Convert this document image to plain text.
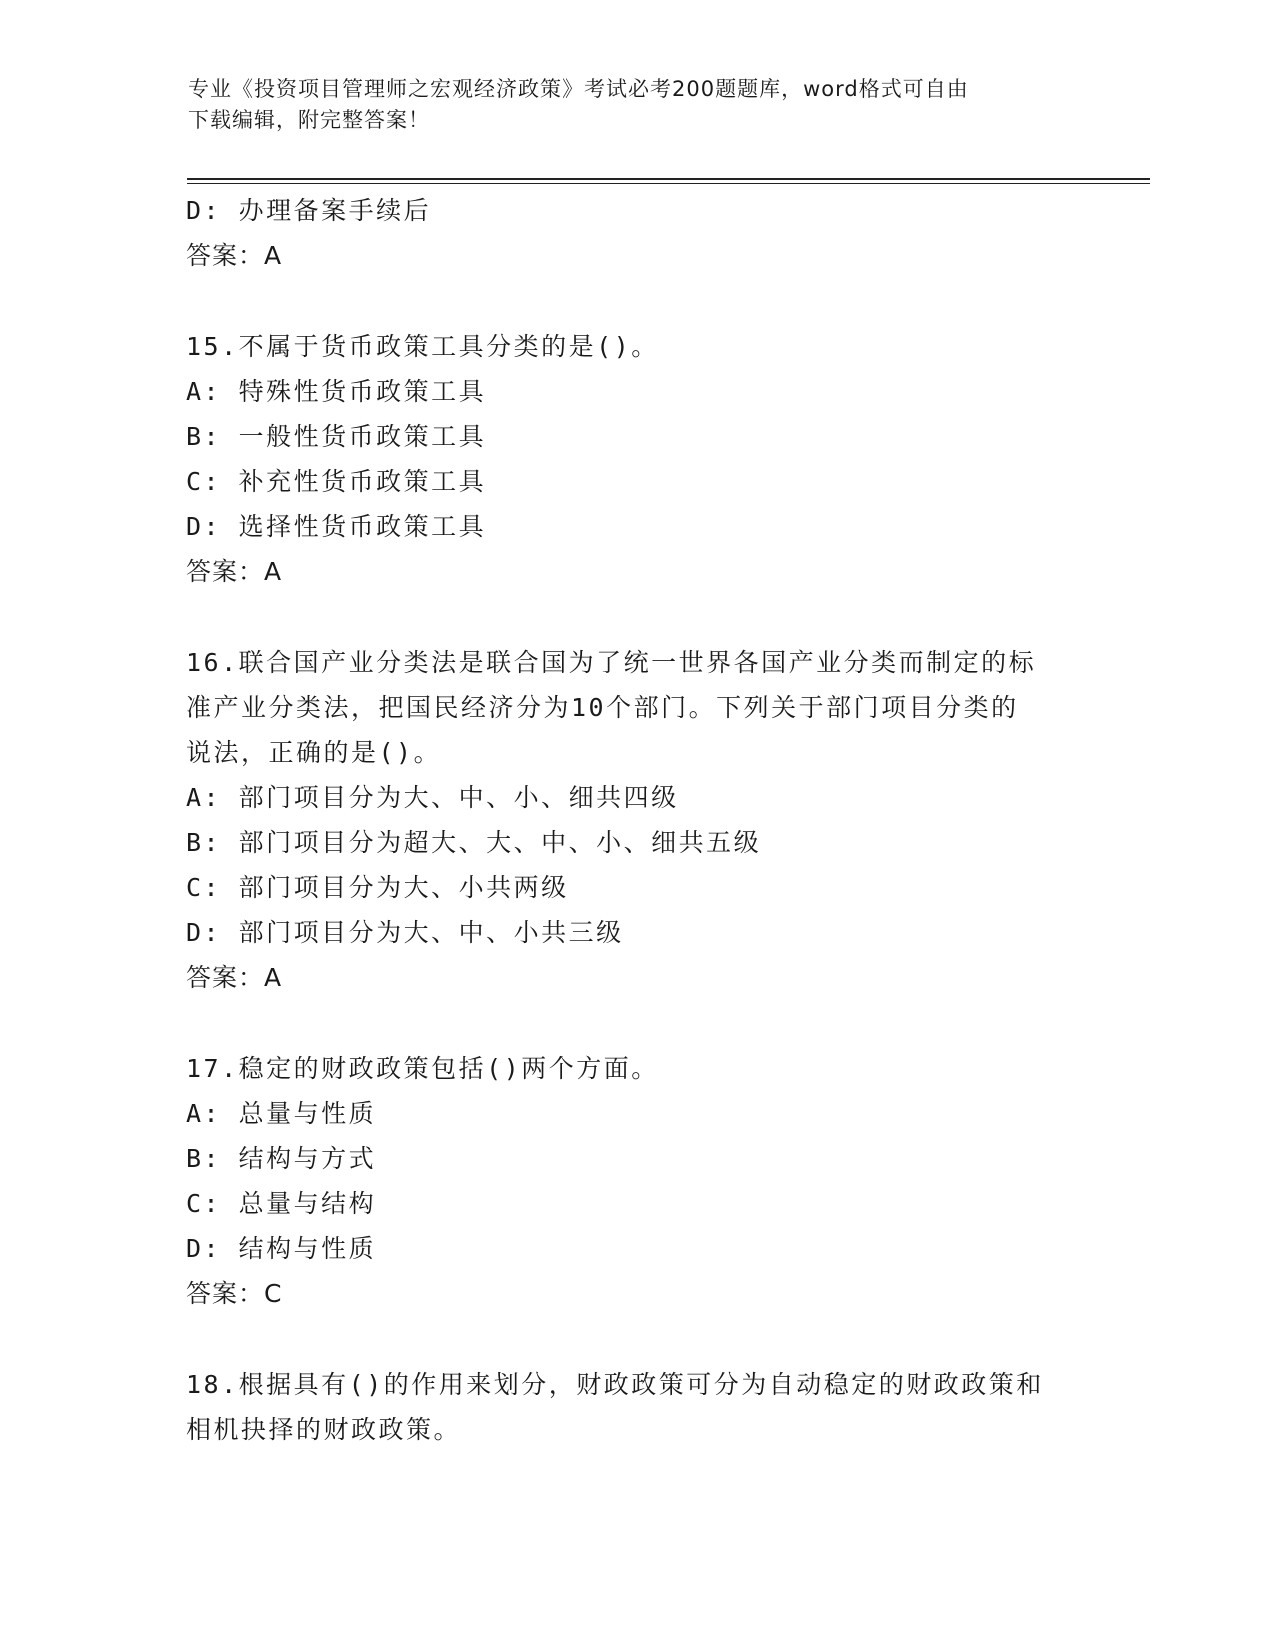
专业《投资项目管理师之宏观经济政策》考试必考200题题库，word格式可自由
下载编辑，附完整答案！
D: 办理备案手续后
答案：A
15.不属于货币政策工具分类的是()。
A: 特殊性货币政策工具
B: 一般性货币政策工具
C: 补充性货币政策工具
D: 选择性货币政策工具
答案：A
16.联合国产业分类法是联合国为了统一世界各国产业分类而制定的标
准产业分类法，把国民经济分为10个部门。下列关于部门项目分类的
说法，正确的是()。
A: 部门项目分为大、中、小、细共四级
B: 部门项目分为超大、大、中、小、细共五级
C: 部门项目分为大、小共两级
D: 部门项目分为大、中、小共三级
答案：A
17.稳定的财政政策包括()两个方面。
A: 总量与性质
B: 结构与方式
C: 总量与结构
D: 结构与性质
答案：C
18.根据具有()的作用来划分，财政政策可分为自动稳定的财政政策和
相机抉择的财政政策。
